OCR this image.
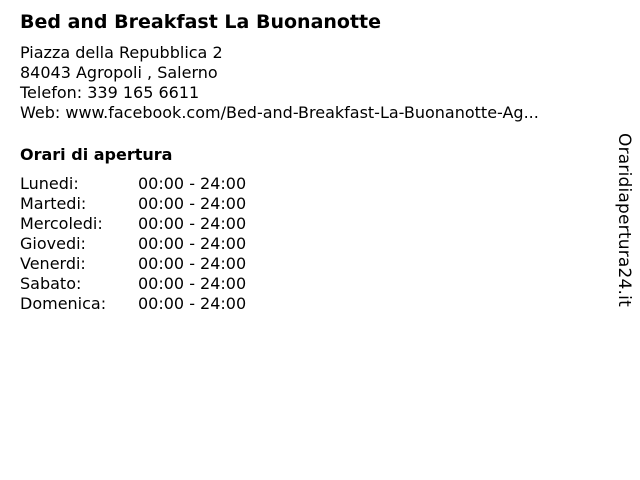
Bed and Breakfast La Buonanotte
Piazza della Repubblica 2
84043 Agropoli , Salerno
Telefon: 339 165 6611
Web: www.facebook.com/Bed-and-Breakfast-La-Buonanotte-Ag...
Orari di apertura
Lunedi:	00:00 - 24:00
Martedi:	00:00 - 24:00
Mercoledi:	00:00 - 24:00
Giovedi:	00:00 - 24:00
Venerdi:	00:00 - 24:00
Sabato:	00:00 - 24:00
Domenica:	00:00 - 24:00	Oraridiapertura24.it
